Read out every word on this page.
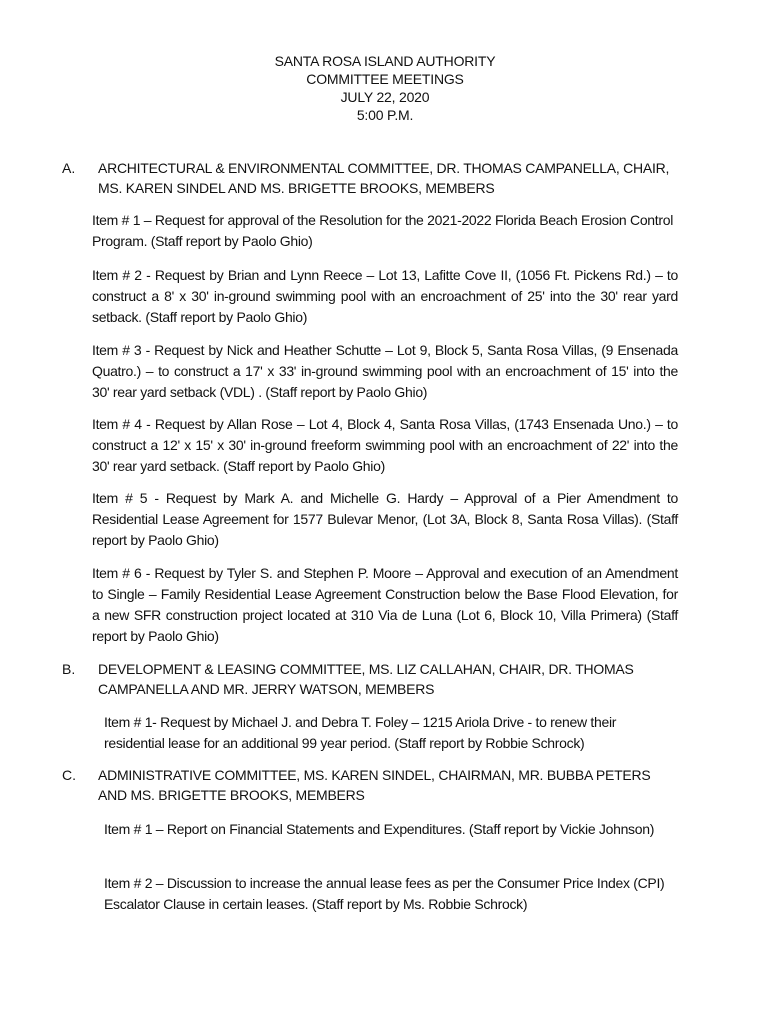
SANTA ROSA ISLAND AUTHORITY
COMMITTEE MEETINGS
JULY 22, 2020
5:00 P.M.
A. ARCHITECTURAL & ENVIRONMENTAL COMMITTEE, DR. THOMAS CAMPANELLA, CHAIR, MS. KAREN SINDEL AND MS. BRIGETTE BROOKS, MEMBERS
Item # 1 – Request for approval of the Resolution for the 2021-2022 Florida Beach Erosion Control Program. (Staff report by Paolo Ghio)
Item # 2 - Request by Brian and Lynn Reece – Lot 13, Lafitte Cove II, (1056 Ft. Pickens Rd.) – to construct a 8' x 30' in-ground swimming pool with an encroachment of 25' into the 30' rear yard setback. (Staff report by Paolo Ghio)
Item # 3 - Request by Nick and Heather Schutte – Lot 9, Block 5, Santa Rosa Villas, (9 Ensenada Quatro.) – to construct a 17' x 33' in-ground swimming pool with an encroachment of 15' into the 30' rear yard setback (VDL) . (Staff report by Paolo Ghio)
Item # 4 - Request by Allan Rose – Lot 4, Block 4, Santa Rosa Villas, (1743 Ensenada Uno.) – to construct a 12' x 15' x 30' in-ground freeform swimming pool with an encroachment of 22' into the 30' rear yard setback. (Staff report by Paolo Ghio)
Item # 5 - Request by Mark A. and Michelle G. Hardy – Approval of a Pier Amendment to Residential Lease Agreement for 1577 Bulevar Menor, (Lot 3A, Block 8, Santa Rosa Villas). (Staff report by Paolo Ghio)
Item # 6 - Request by Tyler S. and Stephen P. Moore – Approval and execution of an Amendment to Single – Family Residential Lease Agreement Construction below the Base Flood Elevation, for a new SFR construction project located at 310 Via de Luna (Lot 6, Block 10, Villa Primera) (Staff report by Paolo Ghio)
B. DEVELOPMENT & LEASING COMMITTEE, MS. LIZ CALLAHAN, CHAIR, DR. THOMAS CAMPANELLA AND MR. JERRY WATSON, MEMBERS
Item # 1- Request by Michael J. and Debra T. Foley – 1215 Ariola Drive - to renew their residential lease for an additional 99 year period. (Staff report by Robbie Schrock)
C. ADMINISTRATIVE COMMITTEE, MS. KAREN SINDEL, CHAIRMAN, MR. BUBBA PETERS AND MS. BRIGETTE BROOKS, MEMBERS
Item # 1 – Report on Financial Statements and Expenditures. (Staff report by Vickie Johnson)
Item # 2 – Discussion to increase the annual lease fees as per the Consumer Price Index (CPI) Escalator Clause in certain leases. (Staff report by Ms. Robbie Schrock)
